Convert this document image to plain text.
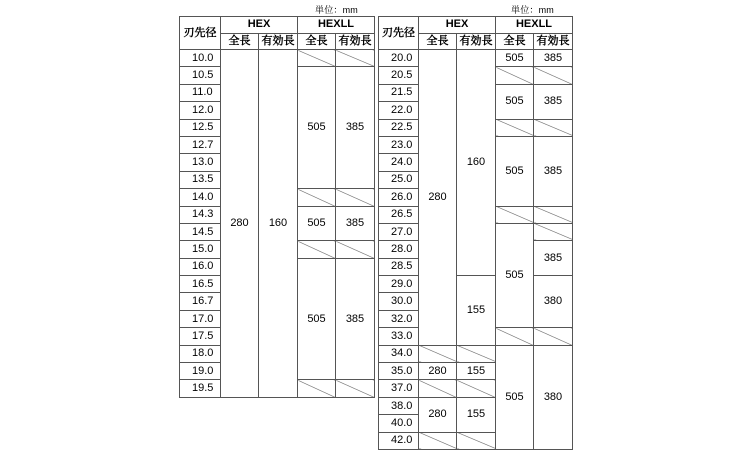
単位：mm	単位：mm
刃先径	HEX		HEXLL	
	全長	有効長	全長	有効長
10.0	280	160		
10.5			505	385
11.0				
12.0				
12.5				
12.7				
13.0				
13.5				
14.0				
14.3			505	385
14.5				
15.0				
16.0			505	385
16.5				
16.7				
17.0				
17.5				
18.0				
19.0				
19.5				
刃先径	HEX		HEXLL	
	全長	有効長	全長	有効長
20.0	280	160	505	385
20.5				
21.5			505	385
22.0				
22.5				
23.0			505	385
24.0				
25.0				
26.0				
26.5				
27.0			505	
28.0				385
28.5				
29.0		155		380
30.0				
32.0				
33.0				
34.0			505	380
35.0	280	155		
37.0				
38.0	280	155		
40.0				
42.0				
